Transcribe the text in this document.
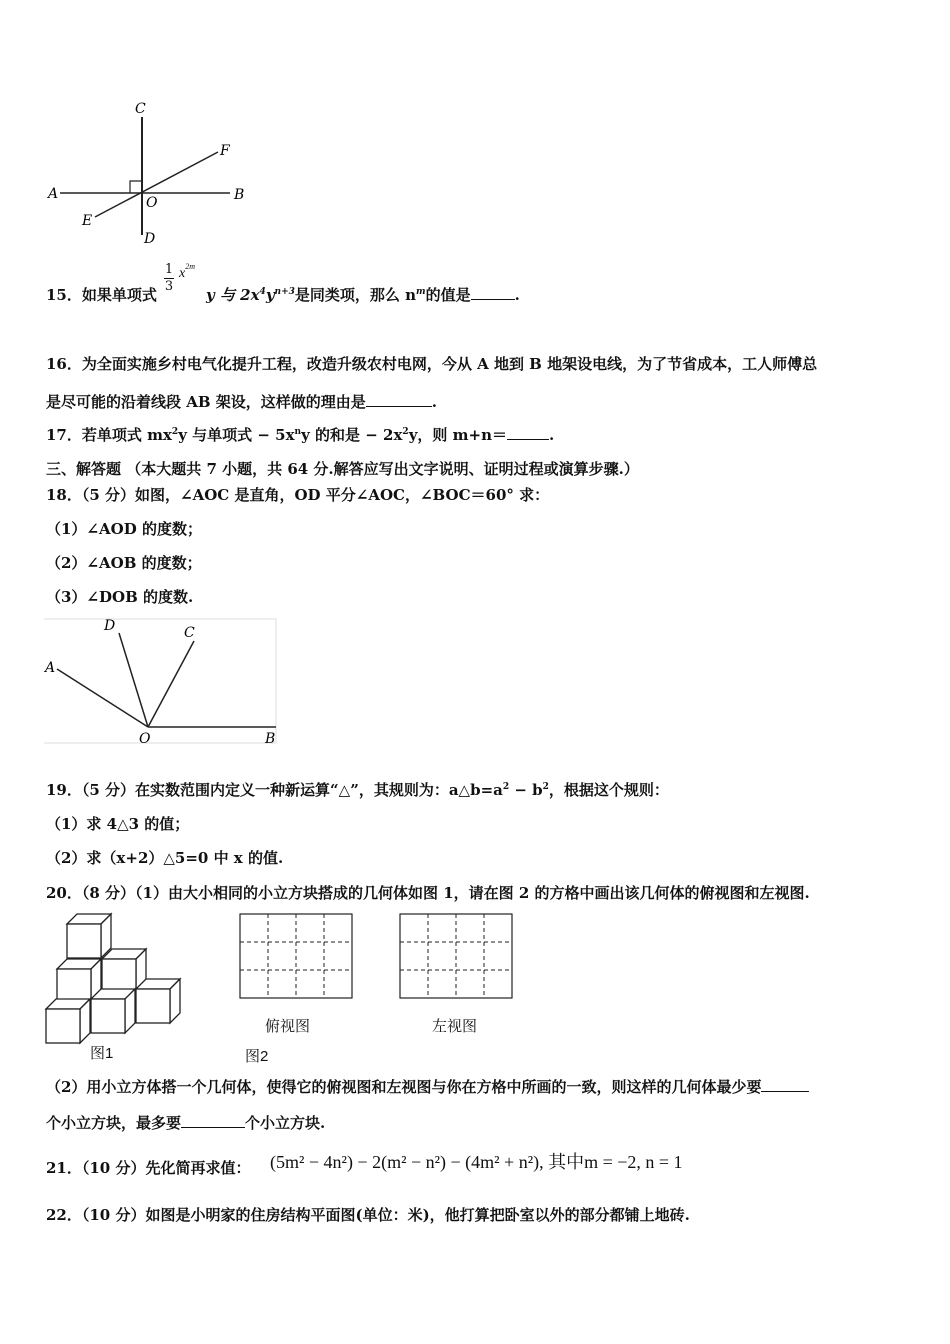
C
F
A	B
O
E
D
15．如果单项式 $\frac{1}{3} x^{2m}$
y 与 $2x^4y^{n+3}$是同类项，那么 $n^m$的值是	.
16．为全面实施乡村电气化提升工程，改造升级农村电网，今从 A 地到 B 地架设电线，为了节省成本，工人师傅总
是尽可能的沿着线段 AB 架设，这样做的理由是	.
17．若单项式 $mx^2y$ 与单项式 − $5x^ny$ 的和是 − $2x^2y$，则 m+n＝	.
三、解答题 （本大题共 7 小题，共 64 分.解答应写出文字说明、证明过程或演算步骤.）
18．（5 分）如图，∠AOC 是直角，OD 平分∠AOC，∠BOC＝60° 求：
（1）∠AOD 的度数；
（2）∠AOB 的度数；
（3）∠DOB 的度数.
D	C
A
O	B
19．（5 分）在实数范围内定义一种新运算“△”，其规则为：$a\triangle b=a^2 - b^2$，根据这个规则：
（1）求 4△3 的值；
（2）求（x+2）△5=0 中 x 的值.
20．（8 分）（1）由大小相同的小立方块搭成的几何体如图 1，请在图 2 的方格中画出该几何体的俯视图和左视图.
图1	图2
俯视图	左视图
（2）用小立方体搭一个几何体，使得它的俯视图和左视图与你在方格中所画的一致，则这样的几何体最少要
个小立方块，最多要	个小立方块.
21．（10 分）先化简再求值： (5m² − 4n²) − 2(m² − n²) − (4m² + n²), 其中m = −2, n = 1
22．（10 分）如图是小明家的住房结构平面图(单位：米)，他打算把卧室以外的部分都铺上地砖.
